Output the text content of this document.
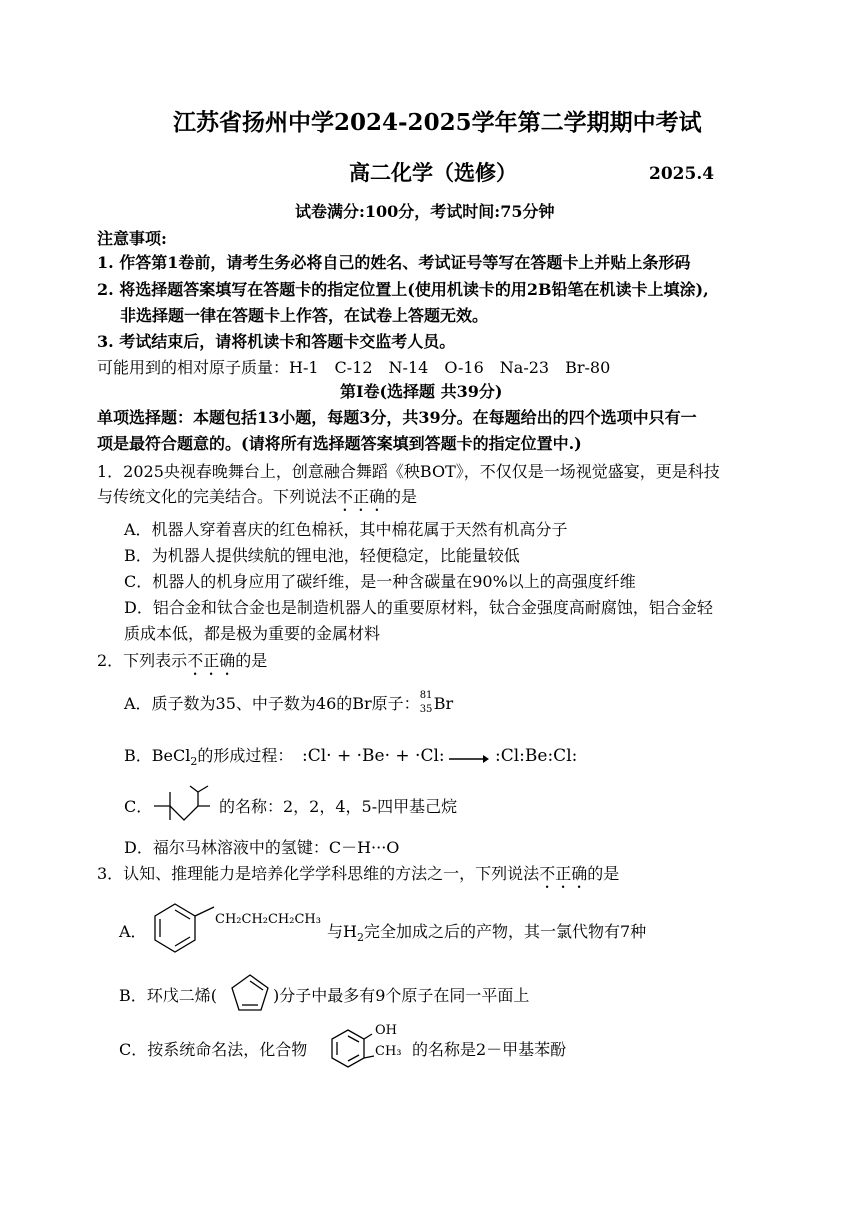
江苏省扬州中学2024-2025学年第二学期期中考试
高二化学（选修）	2025.4
试卷满分:100分，考试时间:75分钟
注意事项:
1. 作答第1卷前，请考生务必将自己的姓名、考试证号等写在答题卡上并贴上条形码
2. 将选择题答案填写在答题卡的指定位置上(使用机读卡的用2B铅笔在机读卡上填涂),
非选择题一律在答题卡上作答，在试卷上答题无效。
3. 考试结束后，请将机读卡和答题卡交监考人员。
可能用到的相对原子质量：H-1　C-12　N-14　O-16　Na-23　Br-80
第I卷(选择题 共39分)
单项选择题：本题包括13小题，每题3分，共39分。在每题给出的四个选项中只有一
项是最符合题意的。(请将所有选择题答案填到答题卡的指定位置中.)
1．2025央视春晚舞台上，创意融合舞蹈《秧BOT》，不仅仅是一场视觉盛宴，更是科技
与传统文化的完美结合。下列说法不正确的是
A．机器人穿着喜庆的红色棉袄，其中棉花属于天然有机高分子
B．为机器人提供续航的锂电池，轻便稳定，比能量较低
C．机器人的机身应用了碳纤维，是一种含碳量在90%以上的高强度纤维
D．铝合金和钛合金也是制造机器人的重要原材料，钛合金强度高耐腐蚀，铝合金轻
质成本低，都是极为重要的金属材料
2．下列表示不正确的是
A．质子数为35、中子数为46的Br原子： 81
35 Br
B．BeCl$_2$的形成过程： :Cl· + ·Be· + ·Cl: → :Cl:Be:Cl:
C．	的名称：2，2，4，5-四甲基己烷
D．福尔马林溶液中的氢键：C－H···O
3．认知、推理能力是培养化学学科思维的方法之一，下列说法不正确的是
A．
CH₂CH₂CH₂CH₃
与$H_2$完全加成之后的产物，其一氯代物有7种
B．环戊二烯(	)分子中最多有9个原子在同一平面上
C．按系统命名法，化合物
OH
CH₃ 的名称是2－甲基苯酚
